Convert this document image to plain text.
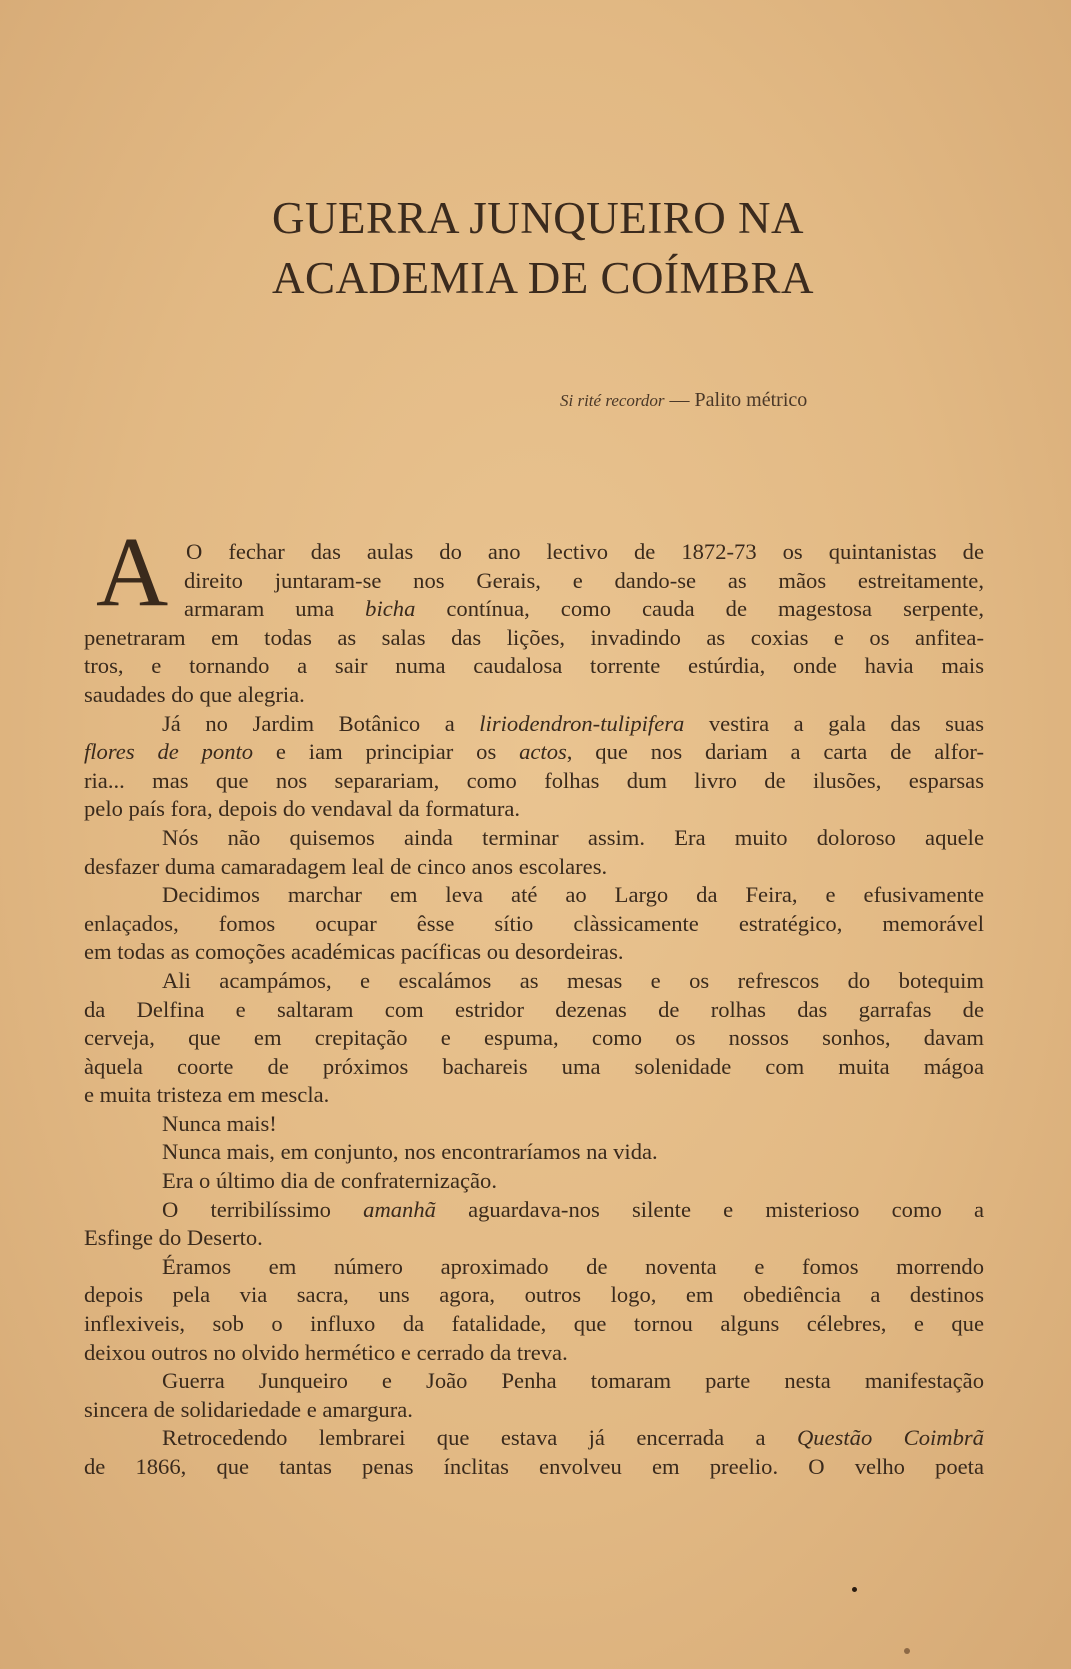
GUERRA JUNQUEIRO NA
ACADEMIA DE COÍMBRA
Si rité recordor — Palito métrico
A O fechar das aulas do ano lectivo de 1872-73 os quintanistas de
direito juntaram-se nos Gerais, e dando-se as mãos estreitamente,
armaram uma bicha contínua, como cauda de magestosa serpente,
penetraram em todas as salas das lições, invadindo as coxias e os anfitea-
tros, e tornando a sair numa caudalosa torrente estúrdia, onde havia mais
saudades do que alegria.
Já no Jardim Botânico a liriodendron-tulipifera vestira a gala das suas
flores de ponto e iam principiar os actos, que nos dariam a carta de alfor-
ria... mas que nos separariam, como folhas dum livro de ilusões, esparsas
pelo país fora, depois do vendaval da formatura.
Nós não quisemos ainda terminar assim. Era muito doloroso aquele
desfazer duma camaradagem leal de cinco anos escolares.
Decidimos marchar em leva até ao Largo da Feira, e efusivamente
enlaçados, fomos ocupar êsse sítio clàssicamente estratégico, memorável
em todas as comoções académicas pacíficas ou desordeiras.
Ali acampámos, e escalámos as mesas e os refrescos do botequim
da Delfina e saltaram com estridor dezenas de rolhas das garrafas de
cerveja, que em crepitação e espuma, como os nossos sonhos, davam
àquela coorte de próximos bachareis uma solenidade com muita mágoa
e muita tristeza em mescla.
Nunca mais!
Nunca mais, em conjunto, nos encontraríamos na vida.
Era o último dia de confraternização.
O terribilíssimo amanhã aguardava-nos silente e misterioso como a
Esfinge do Deserto.
Éramos em número aproximado de noventa e fomos morrendo
depois pela via sacra, uns agora, outros logo, em obediência a destinos
inflexiveis, sob o influxo da fatalidade, que tornou alguns célebres, e que
deixou outros no olvido hermético e cerrado da treva.
Guerra Junqueiro e João Penha tomaram parte nesta manifestação
sincera de solidariedade e amargura.
Retrocedendo lembrarei que estava já encerrada a Questão Coimbrã
de 1866, que tantas penas ínclitas envolveu em preelio. O velho poeta
